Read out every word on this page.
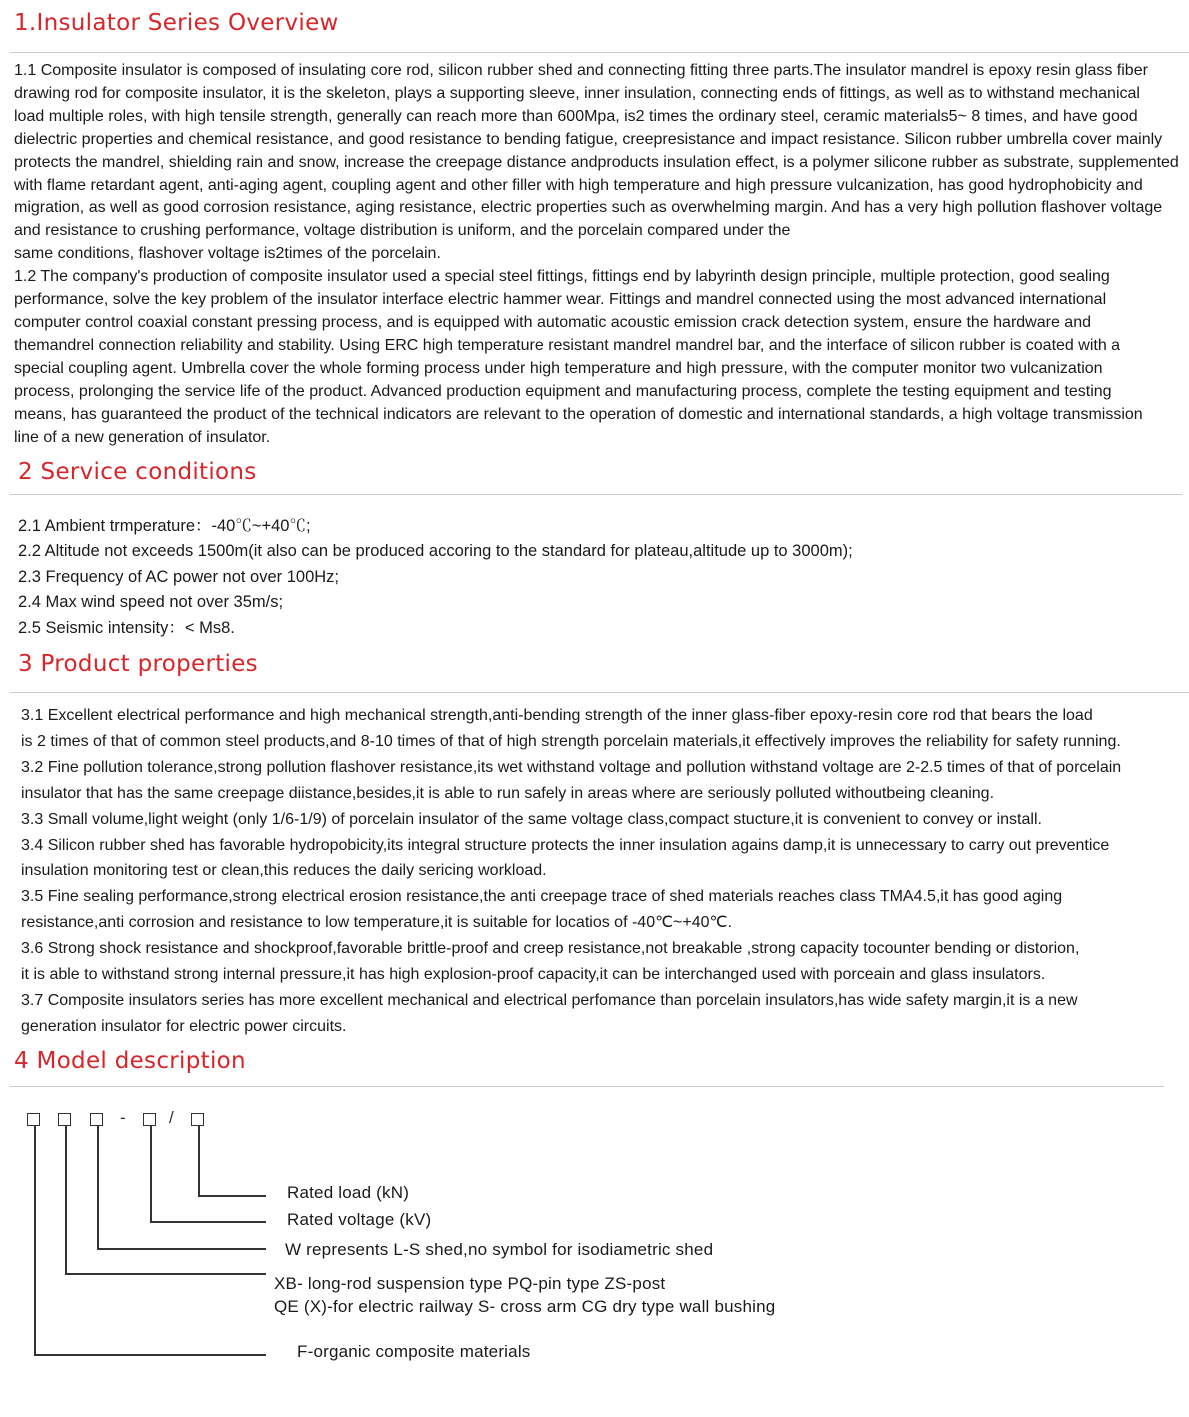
1.Insulator Series Overview
1.1 Composite insulator is composed of insulating core rod, silicon rubber shed and connecting fitting three parts.The insulator mandrel is epoxy resin glass fiber
drawing rod for composite insulator, it is the skeleton, plays a supporting sleeve, inner insulation, connecting ends of fittings, as well as to withstand mechanical
load multiple roles, with high tensile strength, generally can reach more than 600Mpa, is2 times the ordinary steel, ceramic materials5~ 8 times, and have good
dielectric properties and chemical resistance, and good resistance to bending fatigue, creepresistance and impact resistance. Silicon rubber umbrella cover mainly
protects the mandrel, shielding rain and snow, increase the creepage distance andproducts insulation effect, is a polymer silicone rubber as substrate, supplemented
with flame retardant agent, anti-aging agent, coupling agent and other filler with high temperature and high pressure vulcanization, has good hydrophobicity and
migration, as well as good corrosion resistance, aging resistance, electric properties such as overwhelming margin. And has a very high pollution flashover voltage
and resistance to crushing performance, voltage distribution is uniform, and the porcelain compared under the
same conditions, flashover voltage is2times of the porcelain.
1.2 The company's production of composite insulator used a special steel fittings, fittings end by labyrinth design principle, multiple protection, good sealing
performance, solve the key problem of the insulator interface electric hammer wear. Fittings and mandrel connected using the most advanced international
computer control coaxial constant pressing process, and is equipped with automatic acoustic emission crack detection system, ensure the hardware and
themandrel connection reliability and stability. Using ERC high temperature resistant mandrel mandrel bar, and the interface of silicon rubber is coated with a
special coupling agent. Umbrella cover the whole forming process under high temperature and high pressure, with the computer monitor two vulcanization
process, prolonging the service life of the product. Advanced production equipment and manufacturing process, complete the testing equipment and testing
means, has guaranteed the product of the technical indicators are relevant to the operation of domestic and international standards, a high voltage transmission
line of a new generation of insulator.
2 Service conditions
2.1 Ambient trmperature：-40℃~+40℃;
2.2 Altitude not exceeds 1500m(it also can be produced accoring to the standard for plateau,altitude up to 3000m);
2.3 Frequency of AC power not over 100Hz;
2.4 Max wind speed not over 35m/s;
2.5 Seismic intensity：< Ms8.
3 Product properties
3.1 Excellent electrical performance and high mechanical strength,anti-bending strength of the inner glass-fiber epoxy-resin core rod that bears the load
is 2 times of that of common steel products,and 8-10 times of that of high strength porcelain materials,it effectively improves the reliability for safety running.
3.2 Fine pollution tolerance,strong pollution flashover resistance,its wet withstand voltage and pollution withstand voltage are 2-2.5 times of that of porcelain
insulator that has the same creepage diistance,besides,it is able to run safely in areas where are seriously polluted withoutbeing cleaning.
3.3 Small volume,light weight (only 1/6-1/9) of porcelain insulator of the same voltage class,compact stucture,it is convenient to convey or install.
3.4 Silicon rubber shed has favorable hydropobicity,its integral structure protects the inner insulation agains damp,it is unnecessary to carry out preventice
insulation monitoring test or clean,this reduces the daily sericing workload.
3.5 Fine sealing performance,strong electrical erosion resistance,the anti creepage trace of shed materials reaches class TMA4.5,it has good aging
resistance,anti corrosion and resistance to low temperature,it is suitable for locatios of -40℃~+40℃.
3.6 Strong shock resistance and shockproof,favorable brittle-proof and creep resistance,not breakable ,strong capacity tocounter bending or distorion,
it is able to withstand strong internal pressure,it has high explosion-proof capacity,it can be interchanged used with porceain and glass insulators.
3.7 Composite insulators series has more excellent mechanical and electrical perfomance than porcelain insulators,has wide safety margin,it is a new
generation insulator for electric power circuits.
4 Model description
-	/
Rated load (kN)
Rated voltage (kV)
W represents L-S shed,no symbol for isodiametric shed
XB- long-rod suspension type PQ-pin type ZS-post
QE (X)-for electric railway S- cross arm CG dry type wall bushing
F-organic composite materials
